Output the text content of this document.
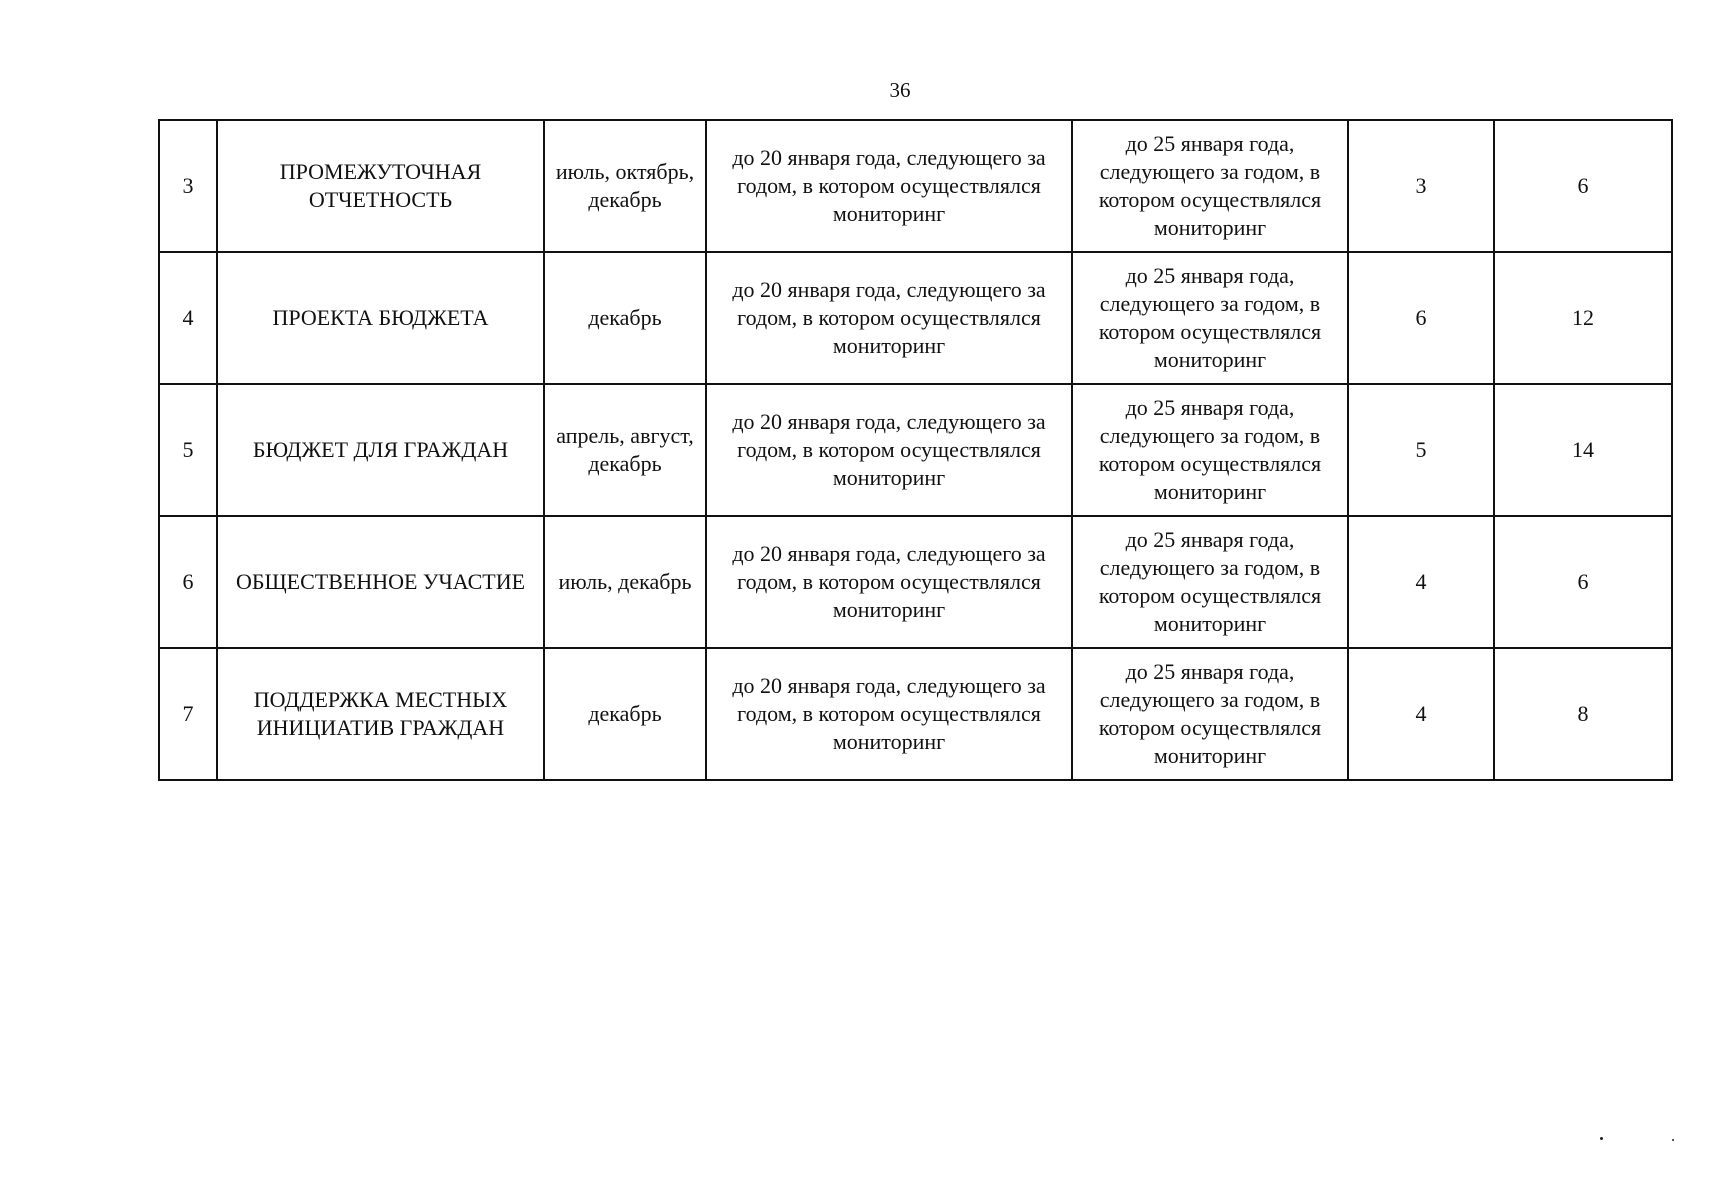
36
3	ПРОМЕЖУТОЧНАЯ ОТЧЕТНОСТЬ	июль, октябрь, декабрь	до 20 января года, следующего за годом, в котором осуществлялся мониторинг	до 25 января года, следующего за годом, в котором осуществлялся мониторинг	3	6
4	ПРОЕКТА БЮДЖЕТА	декабрь	до 20 января года, следующего за годом, в котором осуществлялся мониторинг	до 25 января года, следующего за годом, в котором осуществлялся мониторинг	6	12
5	БЮДЖЕТ ДЛЯ ГРАЖДАН	апрель, август, декабрь	до 20 января года, следующего за годом, в котором осуществлялся мониторинг	до 25 января года, следующего за годом, в котором осуществлялся мониторинг	5	14
6	ОБЩЕСТВЕННОЕ УЧАСТИЕ	июль, декабрь	до 20 января года, следующего за годом, в котором осуществлялся мониторинг	до 25 января года, следующего за годом, в котором осуществлялся мониторинг	4	6
7	ПОДДЕРЖКА МЕСТНЫХ ИНИЦИАТИВ ГРАЖДАН	декабрь	до 20 января года, следующего за годом, в котором осуществлялся мониторинг	до 25 января года, следующего за годом, в котором осуществлялся мониторинг	4	8
